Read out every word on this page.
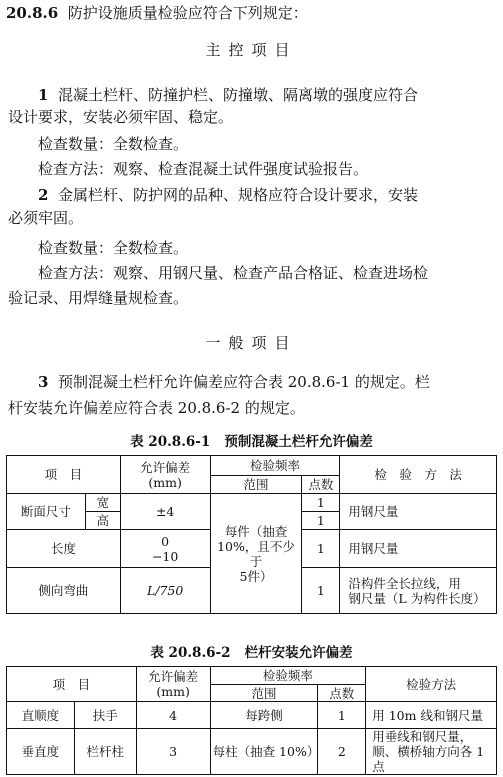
20.8.6 防护设施质量检验应符合下列规定：
主控项目
1 混凝土栏杆、防撞护栏、防撞墩、隔离墩的强度应符合
设计要求，安装必须牢固、稳定。
检查数量：全数检查。
检查方法：观察、检查混凝土试件强度试验报告。
2 金属栏杆、防护网的品种、规格应符合设计要求，安装
必须牢固。
检查数量：全数检查。
检查方法：观察、用钢尺量、检查产品合格证、检查进场检
验记录、用焊缝量规检查。
一般项目
3 预制混凝土栏杆允许偏差应符合表 20.8.6-1 的规定。栏
杆安装允许偏差应符合表 20.8.6-2 的规定。
表 20.8.6-1 预制混凝土栏杆允许偏差
项　目		允许偏差
(mm)	检验频率		检　验　方　法
			范围	点数	
断面尺寸	宽	±4	每件（抽查
10%，且不少于
5件）	1	用钢尺量
	高			1	
长度		0
−10		1	用钢尺量
侧向弯曲		L/750		1	沿构件全长拉线，用
钢尺量（L 为构件长度）
表 20.8.6-2 栏杆安装允许偏差
项　目		允许偏差
(mm)	检验频率		检验方法
			范围	点数	
直顺度	扶手	4	每跨侧	1	用 10m 线和钢尺量
垂直度	栏杆柱	3	每柱（抽查 10%）	2	用垂线和钢尺量，
顺、横桥轴方向各 1 点
